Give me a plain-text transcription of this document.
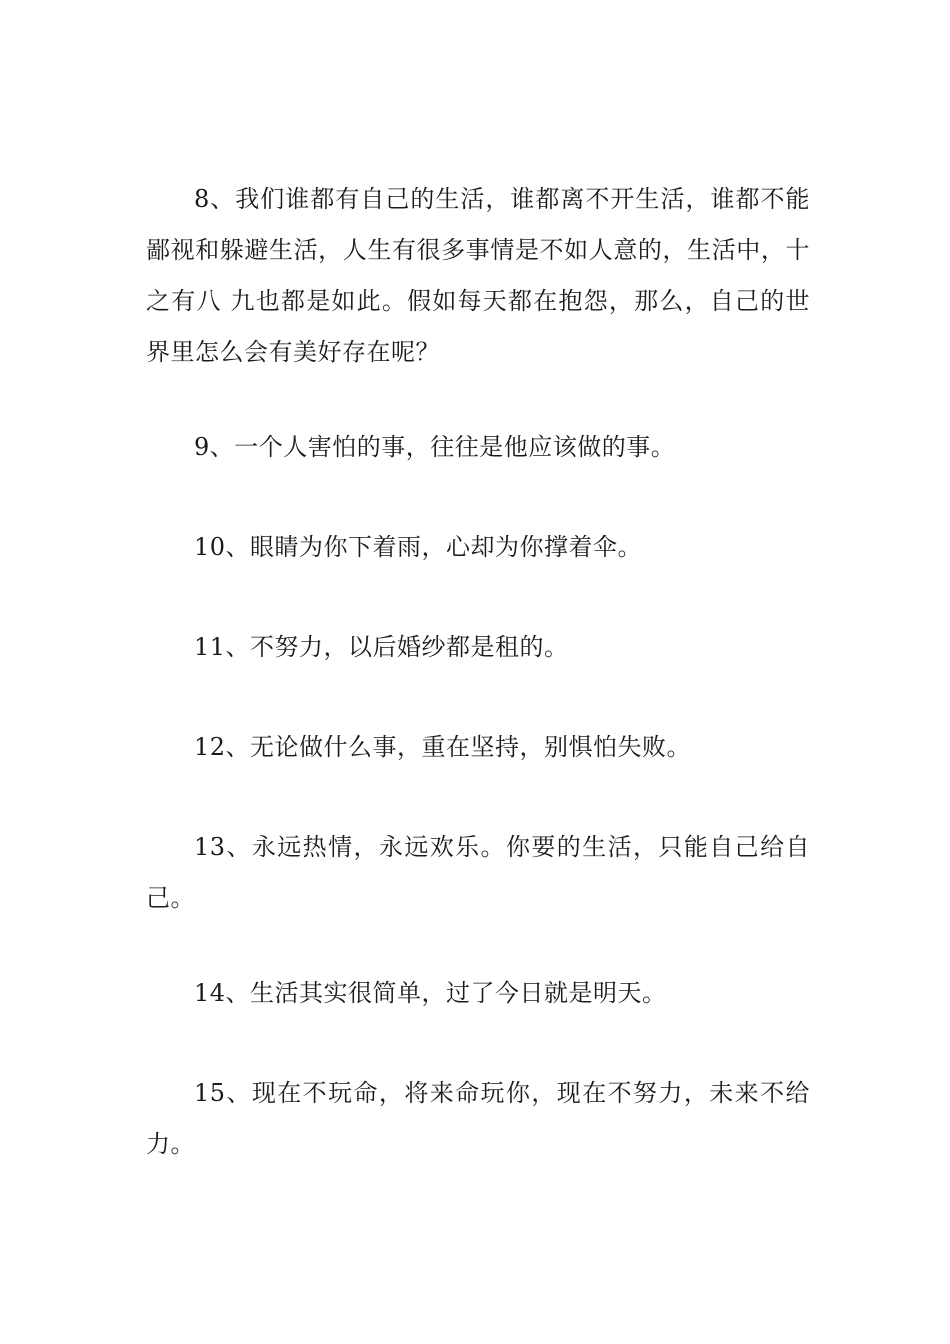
8、我们谁都有自己的生活，谁都离不开生活，谁都不能鄙视和躲避生活，人生有很多事情是不如人意的，生活中，十之有八 九也都是如此。假如每天都在抱怨，那么，自己的世界里怎么会有美好存在呢？

9、一个人害怕的事，往往是他应该做的事。

10、眼睛为你下着雨，心却为你撑着伞。

11、不努力，以后婚纱都是租的。

12、无论做什么事，重在坚持，别惧怕失败。

13、永远热情，永远欢乐。你要的生活，只能自己给自己。

14、生活其实很简单，过了今日就是明天。

15、现在不玩命，将来命玩你，现在不努力，未来不给力。
